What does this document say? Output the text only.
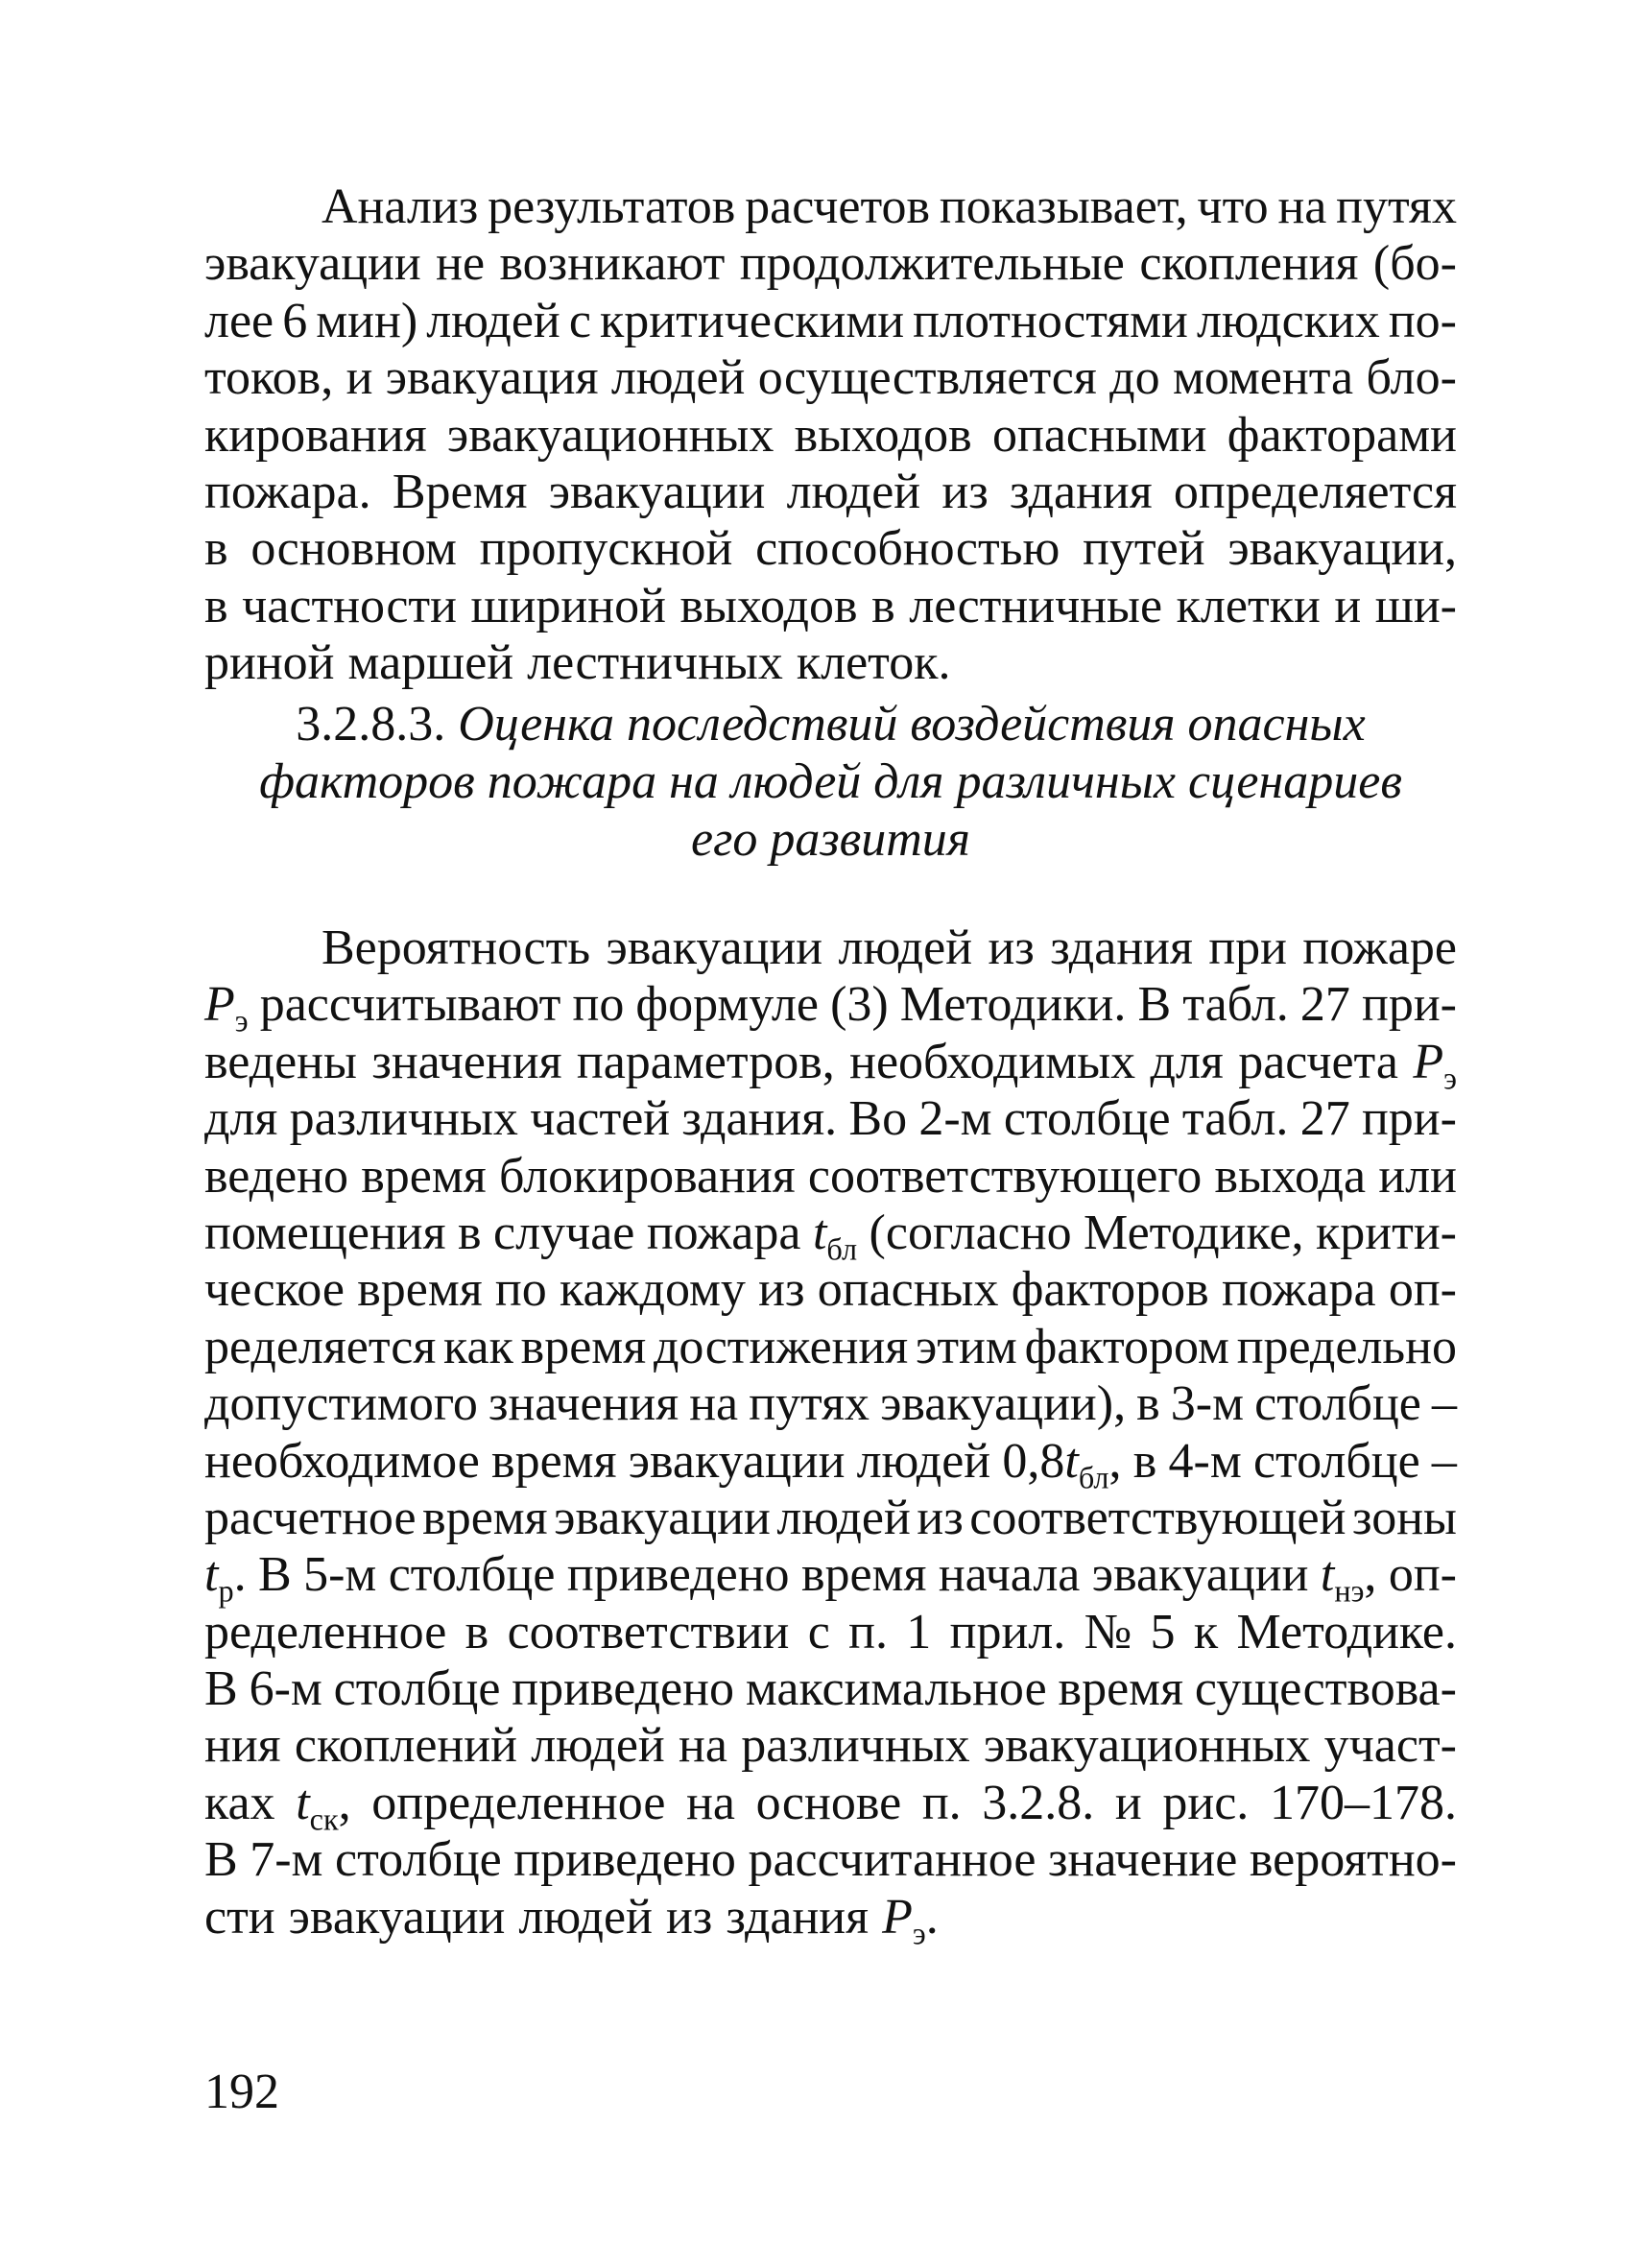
Анализ результатов расчетов показывает, что на путях
эвакуации не возникают продолжительные скопления (бо-
лее 6 мин) людей с критическими плотностями людских по-
токов, и эвакуация людей осуществляется до момента бло-
кирования эвакуационных выходов опасными факторами
пожара. Время эвакуации людей из здания определяется
в основном пропускной способностью путей эвакуации,
в частности шириной выходов в лестничные клетки и ши-
риной маршей лестничных клеток.
3.2.8.3. Оценка последствий воздействия опасных
факторов пожара на людей для различных сценариев
его развития
Вероятность эвакуации людей из здания при пожаре
$P_э$ рассчитывают по формуле (3) Методики. В табл. 27 при-
ведены значения параметров, необходимых для расчета $P_э$
для различных частей здания. Во 2-м столбце табл. 27 при-
ведено время блокирования соответствующего выхода или
помещения в случае пожара $t_{бл}$ (согласно Методике, крити-
ческое время по каждому из опасных факторов пожара оп-
ределяется как время достижения этим фактором предельно
допустимого значения на путях эвакуации), в 3-м столбце –
необходимое время эвакуации людей $0,8t_{бл}$, в 4-м столбце –
расчетное время эвакуации людей из соответствующей зоны
$t_р$. В 5-м столбце приведено время начала эвакуации $t_{нэ}$, оп-
ределенное в соответствии с п. 1 прил. № 5 к Методике.
В 6-м столбце приведено максимальное время существова-
ния скоплений людей на различных эвакуационных участ-
ках $t_{ск}$, определенное на основе п. 3.2.8. и рис. 170–178.
В 7-м столбце приведено рассчитанное значение вероятно-
сти эвакуации людей из здания $P_э$.
192
